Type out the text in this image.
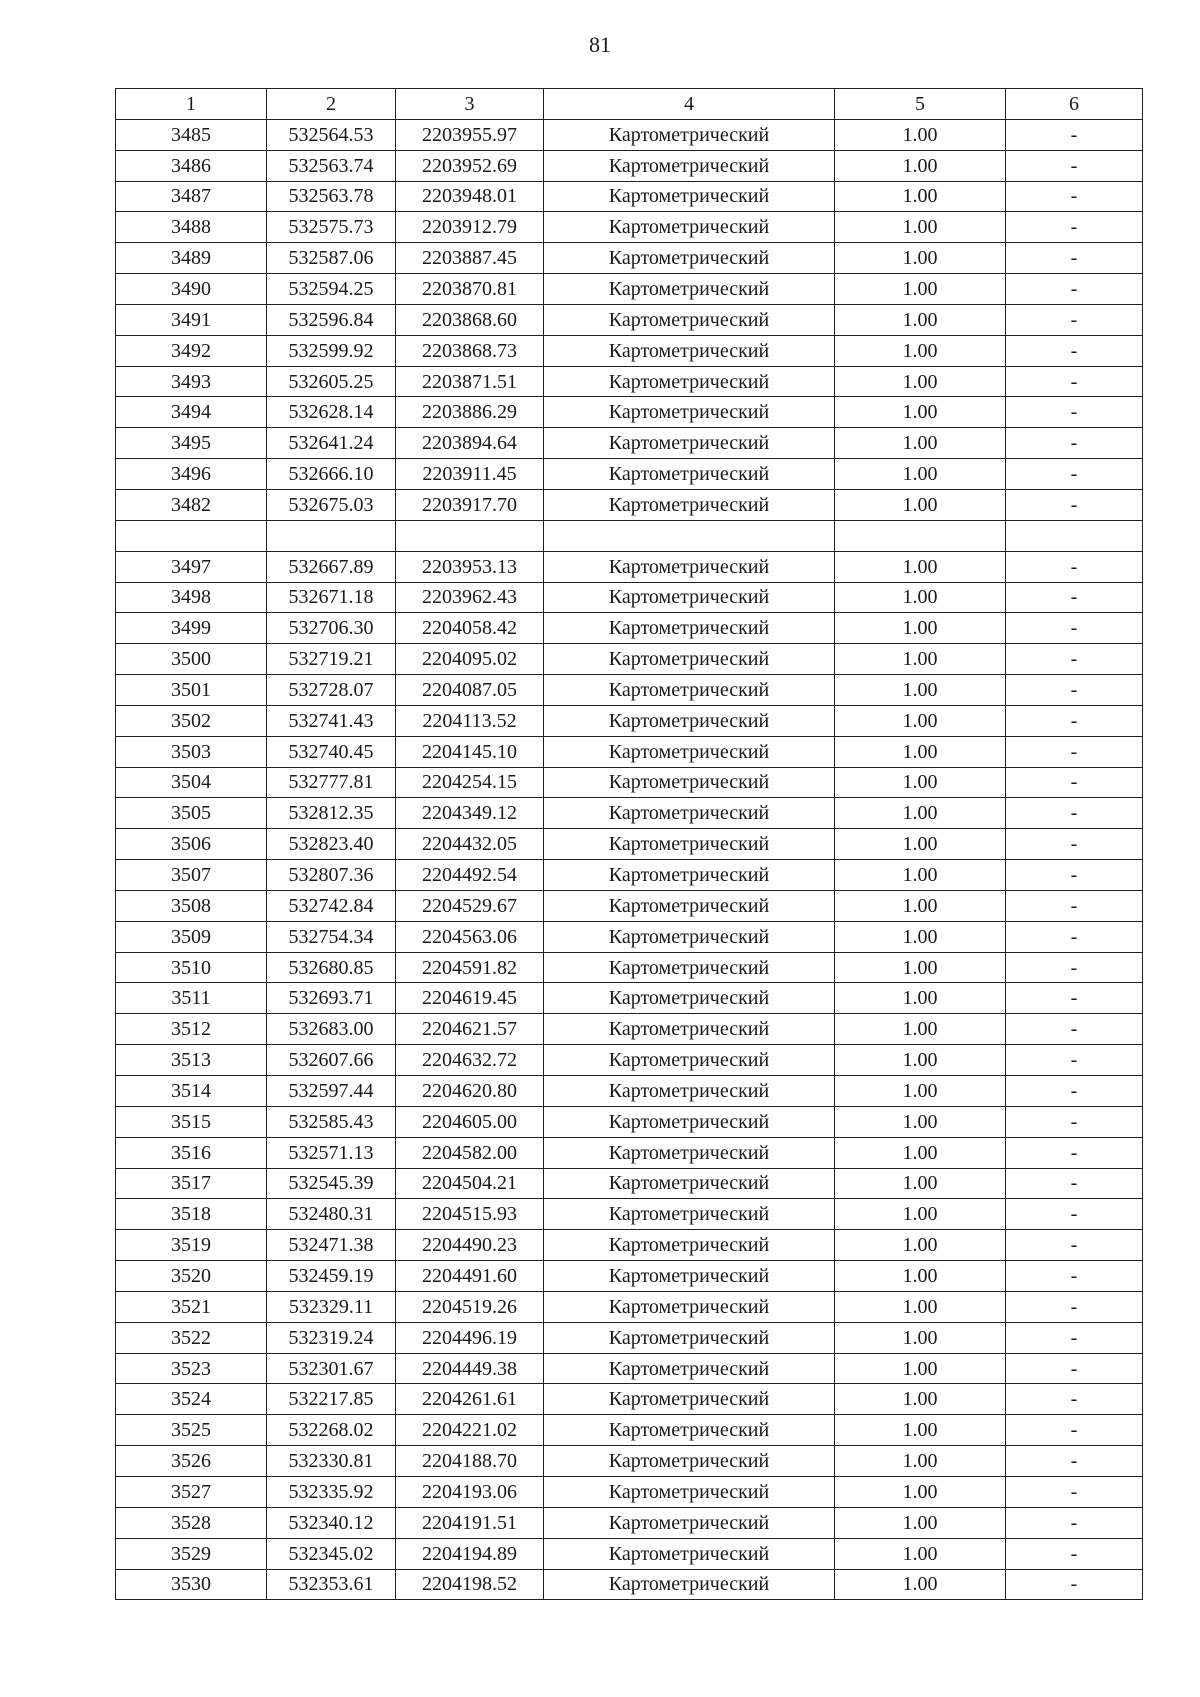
81
1	2	3	4	5	6
3485	532564.53	2203955.97	Картометрический	1.00	-
3486	532563.74	2203952.69	Картометрический	1.00	-
3487	532563.78	2203948.01	Картометрический	1.00	-
3488	532575.73	2203912.79	Картометрический	1.00	-
3489	532587.06	2203887.45	Картометрический	1.00	-
3490	532594.25	2203870.81	Картометрический	1.00	-
3491	532596.84	2203868.60	Картометрический	1.00	-
3492	532599.92	2203868.73	Картометрический	1.00	-
3493	532605.25	2203871.51	Картометрический	1.00	-
3494	532628.14	2203886.29	Картометрический	1.00	-
3495	532641.24	2203894.64	Картометрический	1.00	-
3496	532666.10	2203911.45	Картометрический	1.00	-
3482	532675.03	2203917.70	Картометрический	1.00	-

3497	532667.89	2203953.13	Картометрический	1.00	-
3498	532671.18	2203962.43	Картометрический	1.00	-
3499	532706.30	2204058.42	Картометрический	1.00	-
3500	532719.21	2204095.02	Картометрический	1.00	-
3501	532728.07	2204087.05	Картометрический	1.00	-
3502	532741.43	2204113.52	Картометрический	1.00	-
3503	532740.45	2204145.10	Картометрический	1.00	-
3504	532777.81	2204254.15	Картометрический	1.00	-
3505	532812.35	2204349.12	Картометрический	1.00	-
3506	532823.40	2204432.05	Картометрический	1.00	-
3507	532807.36	2204492.54	Картометрический	1.00	-
3508	532742.84	2204529.67	Картометрический	1.00	-
3509	532754.34	2204563.06	Картометрический	1.00	-
3510	532680.85	2204591.82	Картометрический	1.00	-
3511	532693.71	2204619.45	Картометрический	1.00	-
3512	532683.00	2204621.57	Картометрический	1.00	-
3513	532607.66	2204632.72	Картометрический	1.00	-
3514	532597.44	2204620.80	Картометрический	1.00	-
3515	532585.43	2204605.00	Картометрический	1.00	-
3516	532571.13	2204582.00	Картометрический	1.00	-
3517	532545.39	2204504.21	Картометрический	1.00	-
3518	532480.31	2204515.93	Картометрический	1.00	-
3519	532471.38	2204490.23	Картометрический	1.00	-
3520	532459.19	2204491.60	Картометрический	1.00	-
3521	532329.11	2204519.26	Картометрический	1.00	-
3522	532319.24	2204496.19	Картометрический	1.00	-
3523	532301.67	2204449.38	Картометрический	1.00	-
3524	532217.85	2204261.61	Картометрический	1.00	-
3525	532268.02	2204221.02	Картометрический	1.00	-
3526	532330.81	2204188.70	Картометрический	1.00	-
3527	532335.92	2204193.06	Картометрический	1.00	-
3528	532340.12	2204191.51	Картометрический	1.00	-
3529	532345.02	2204194.89	Картометрический	1.00	-
3530	532353.61	2204198.52	Картометрический	1.00	-
